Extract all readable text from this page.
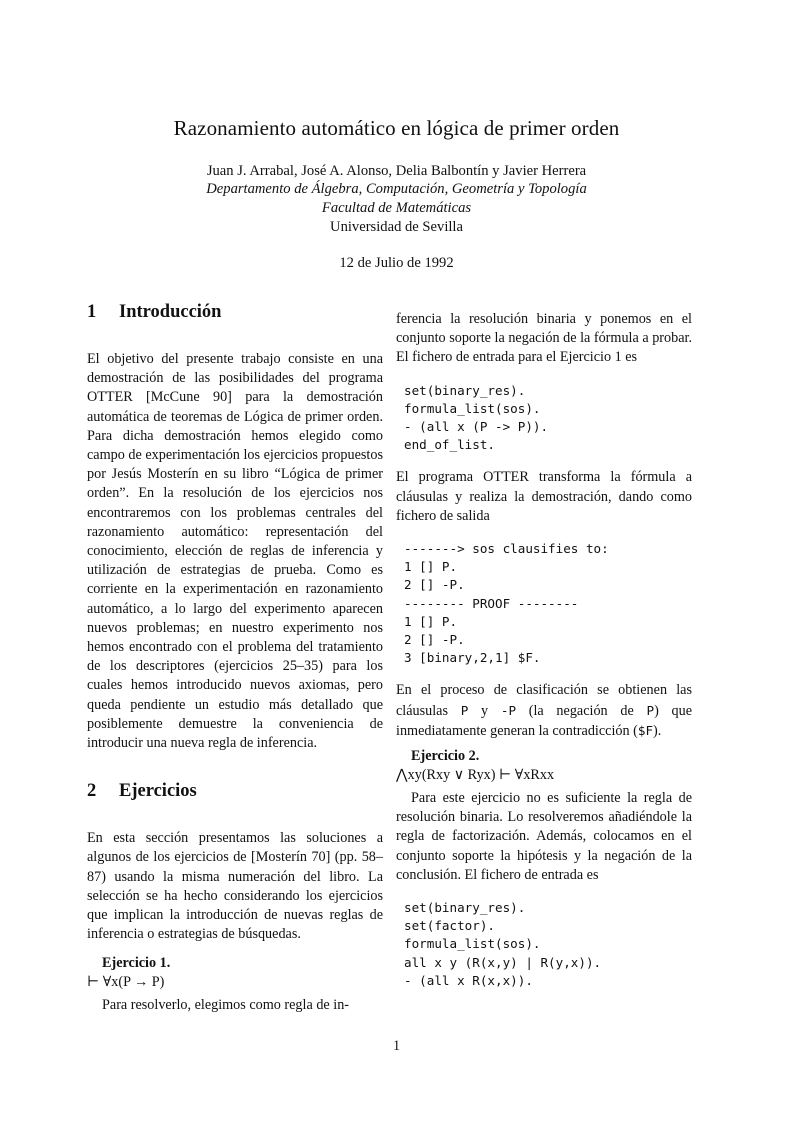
Razonamiento automático en lógica de primer orden
Juan J. Arrabal, José A. Alonso, Delia Balbontín y Javier Herrera
Departamento de Álgebra, Computación, Geometría y Topología
Facultad de Matemáticas
Universidad de Sevilla
12 de Julio de 1992
1 Introducción

El objetivo del presente trabajo consiste en una demostración de las posibilidades del programa OTTER [McCune 90] para la demostración automática de teoremas de Lógica de primer orden. Para dicha demostración hemos elegido como campo de experimentación los ejercicios propuestos por Jesús Mosterín en su libro “Lógica de primer orden”. En la resolución de los ejercicios nos encontraremos con los problemas centrales del razonamiento automático: representación del conocimiento, elección de reglas de inferencia y utilización de estrategias de prueba. Como es corriente en la experimentación en razonamiento automático, a lo largo del experimento aparecen nuevos problemas; en nuestro experimento nos hemos encontrado con el problema del tratamiento de los descriptores (ejercicios 25–35) para los cuales hemos introducido nuevos axiomas, pero queda pendiente un estudio más detallado que posiblemente demuestre la conveniencia de introducir una nueva regla de inferencia.

2 Ejercicios

En esta sección presentamos las soluciones a algunos de los ejercicios de [Mosterín 70] (pp. 58–87) usando la misma numeración del libro. La selección se ha hecho considerando los ejercicios que implican la introducción de nuevas reglas de inferencia o estrategias de búsquedas.

Ejercicio 1.
⊢ ∀x(P → P)

Para resolverlo, elegimos como regla de in-

ferencia la resolución binaria y ponemos en el conjunto soporte la negación de la fórmula a probar. El fichero de entrada para el Ejercicio 1 es

set(binary_res).
formula_list(sos).
- (all x (P -> P)).
end_of_list.

El programa OTTER transforma la fórmula a cláusulas y realiza la demostración, dando como fichero de salida

-------> sos clausifies to:
1 [] P.
2 [] -P.
-------- PROOF --------
1 [] P.
2 [] -P.
3 [binary,2,1] $F.

En el proceso de clasificación se obtienen las cláusulas P y -P (la negación de P) que inmediatamente generan la contradicción ($F).

Ejercicio 2.
⋀xy(Rxy ∨ Ryx) ⊢ ∀xRxx

Para este ejercicio no es suficiente la regla de resolución binaria. Lo resolveremos añadiéndole la regla de factorización. Además, colocamos en el conjunto soporte la hipótesis y la negación de la conclusión. El fichero de entrada es

set(binary_res).
set(factor).
formula_list(sos).
all x y (R(x,y) | R(y,x)).
- (all x R(x,x)).
1
